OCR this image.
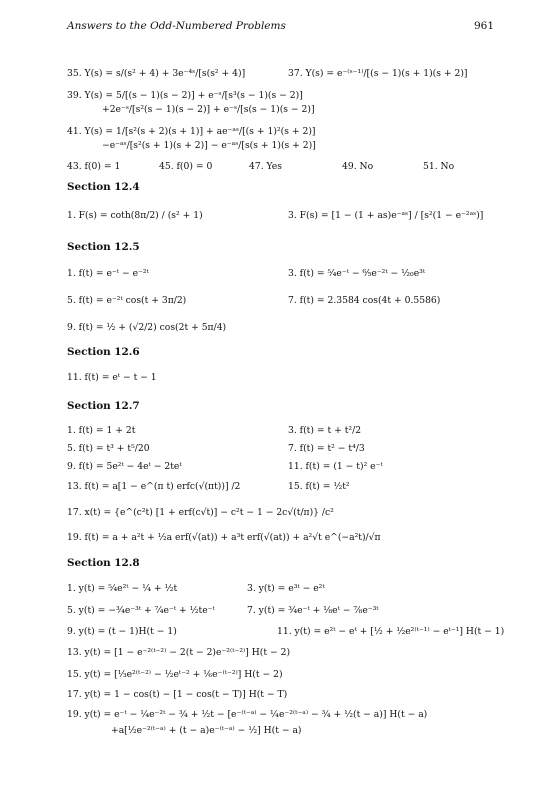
Answers to the Odd-Numbered Problems	961
35. Y(s) = s/(s² + 4) + 3e⁻⁴ˢ/[s(s² + 4)]	37. Y(s) = e⁻⁽ˢ⁻¹⁾/[(s − 1)(s + 1)(s + 2)]
39. Y(s) = 5/[(s − 1)(s − 2)] + e⁻ˢ/[s³(s − 1)(s − 2)]
+2e⁻ˢ/[s²(s − 1)(s − 2)] + e⁻ˢ/[s(s − 1)(s − 2)]
41. Y(s) = 1/[s²(s + 2)(s + 1)] + ae⁻ᵃˢ/[(s + 1)²(s + 2)]
−e⁻ᵃˢ/[s²(s + 1)(s + 2)] − e⁻ᵃˢ/[s(s + 1)(s + 2)]
43. f(0) = 1	45. f(0) = 0	47. Yes	49. No	51. No
Section 12.4
1. F(s) = coth(8π/2) / (s² + 1)	3. F(s) = [1 − (1 + as)e⁻ᵃˢ] / [s²(1 − e⁻²ᵃˢ)]
Section 12.5
1. f(t) = e⁻ᵗ − e⁻²ᵗ	3. f(t) = ⁵⁄₄e⁻ᵗ − ⁶⁄₅e⁻²ᵗ − ¹⁄₂₀e³ᵗ
5. f(t) = e⁻²ᵗ cos(t + 3π/2)	7. f(t) = 2.3584 cos(4t + 0.5586)
9. f(t) = ½ + (√2/2) cos(2t + 5π/4)
Section 12.6
11. f(t) = eᵗ − t − 1
Section 12.7
1. f(t) = 1 + 2t	3. f(t) = t + t²/2
5. f(t) = t³ + t⁵/20	7. f(t) = t² − t⁴/3
9. f(t) = 5e²ᵗ − 4eᵗ − 2teᵗ	11. f(t) = (1 − t)² e⁻ᵗ
13. f(t) = a[1 − e^(π t) erfc(√(πt))] /2	15. f(t) = ½t²
17. x(t) = {e^(c²t) [1 + erf(c√t)] − c²t − 1 − 2c√(t/π)} /c²
19. f(t) = a + a²t + ½a erf(√(at)) + a³t erf(√(at)) + a²√t e^(−a²t)/√π
Section 12.8
1. y(t) = ⁵⁄₄e²ᵗ − ¼ + ½t	3. y(t) = e³ᵗ − e²ᵗ
5. y(t) = −³⁄₄e⁻³ᵗ + ⁷⁄₄e⁻ᵗ + ½te⁻ᵗ	7. y(t) = ³⁄₄e⁻ᵗ + ⅛eᵗ − ⅞e⁻³ᵗ
9. y(t) = (t − 1)H(t − 1)	11. y(t) = e²ᵗ − eᵗ + [½ + ½e²⁽ᵗ⁻¹⁾ − eᵗ⁻¹] H(t − 1)
13. y(t) = [1 − e⁻²⁽ᵗ⁻²⁾ − 2(t − 2)e⁻²⁽ᵗ⁻²⁾] H(t − 2)
15. y(t) = [⅓e²⁽ᵗ⁻²⁾ − ½eᵗ⁻² + ⅙e⁻⁽ᵗ⁻²⁾] H(t − 2)
17. y(t) = 1 − cos(t) − [1 − cos(t − T)] H(t − T)
19. y(t) = e⁻ᵗ − ¼e⁻²ᵗ − ¾ + ½t − [e⁻⁽ᵗ⁻ᵃ⁾ − ¼e⁻²⁽ᵗ⁻ᵃ⁾ − ¾ + ½(t − a)] H(t − a)
+a[½e⁻²⁽ᵗ⁻ᵃ⁾ + (t − a)e⁻⁽ᵗ⁻ᵃ⁾ − ½] H(t − a)
